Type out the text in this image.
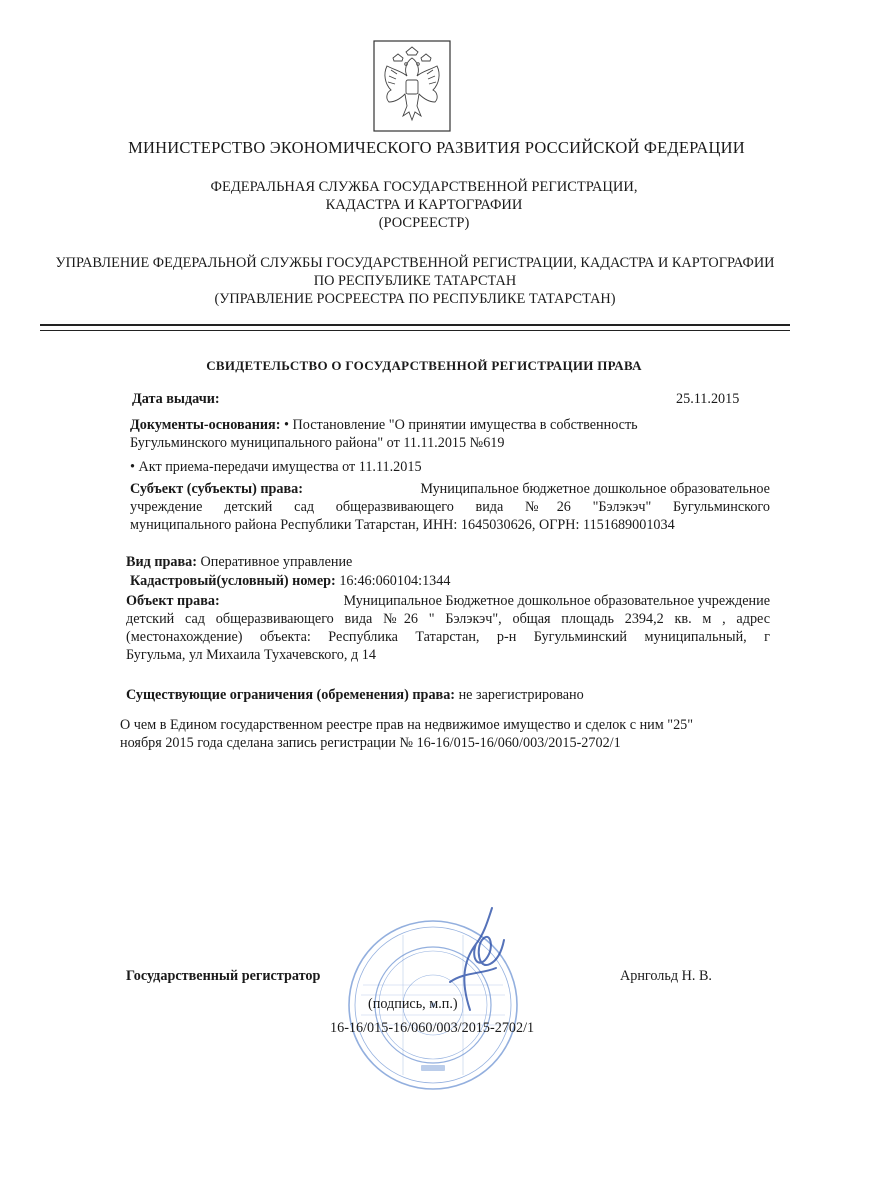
МИНИСТЕРСТВО ЭКОНОМИЧЕСКОГО РАЗВИТИЯ РОССИЙСКОЙ ФЕДЕРАЦИИ
ФЕДЕРАЛЬНАЯ СЛУЖБА ГОСУДАРСТВЕННОЙ РЕГИСТРАЦИИ,
КАДАСТРА И КАРТОГРАФИИ
(РОСРЕЕСТР)
УПРАВЛЕНИЕ ФЕДЕРАЛЬНОЙ СЛУЖБЫ ГОСУДАРСТВЕННОЙ РЕГИСТРАЦИИ, КАДАСТРА И КАРТОГРАФИИ
ПО РЕСПУБЛИКЕ ТАТАРСТАН
(УПРАВЛЕНИЕ РОСРЕЕСТРА ПО РЕСПУБЛИКЕ ТАТАРСТАН)
СВИДЕТЕЛЬСТВО О ГОСУДАРСТВЕННОЙ РЕГИСТРАЦИИ ПРАВА
Дата выдачи:	25.11.2015
Документы-основания: • Постановление "О принятии имущества в собственность
Бугульминского муниципального района" от 11.11.2015 №619
• Акт приема-передачи имущества от 11.11.2015
Субъект (субъекты) права:	Муниципальное бюджетное дошкольное образовательное
учреждение детский сад общеразвивающего вида №26 "Бэлэкэч" Бугульминского
муниципального района Республики Татарстан, ИНН: 1645030626, ОГРН: 1151689001034
Вид права: Оперативное управление
Кадастровый(условный) номер: 16:46:060104:1344
Объект права:	Муниципальное Бюджетное дошкольное образовательное учреждение
детский сад общеразвивающего вида №26 " Бэлэкэч", общая площадь 2394,2 кв. м , адрес
(местонахождение) объекта: Республика Татарстан, р-н Бугульминский муниципальный, г
Бугульма, ул Михаила Тухачевского, д 14
Существующие ограничения (обременения) права: не зарегистрировано
О чем в Едином государственном реестре прав на недвижимое имущество и сделок с ним "25"
ноября 2015 года сделана запись регистрации № 16-16/015-16/060/003/2015-2702/1
Государственный регистратор	Арнгольд Н. В.
(подпись, м.п.)
16-16/015-16/060/003/2015-2702/1
